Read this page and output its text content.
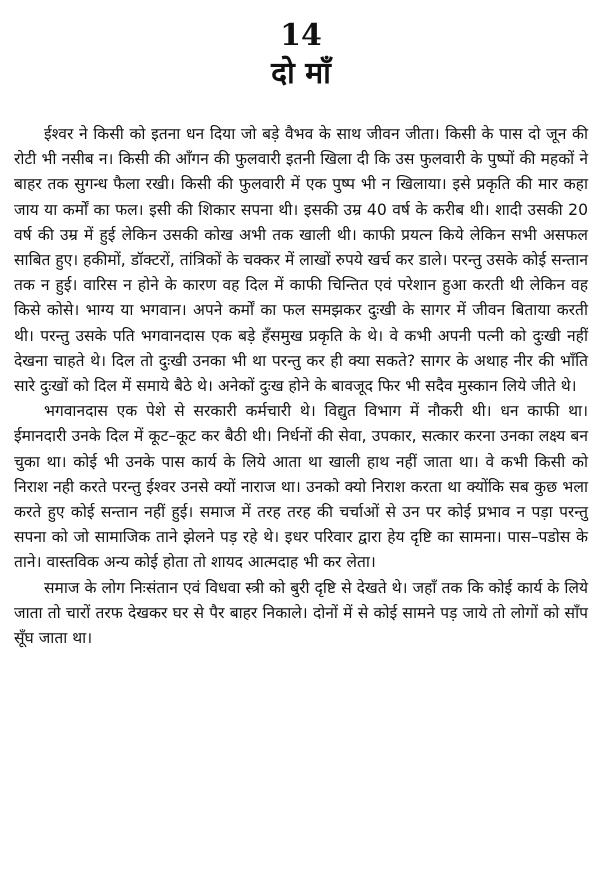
14
दो माँ

ईश्वर ने किसी को इतना धन दिया जो बड़े वैभव के साथ जीवन जीता। किसी के पास दो जून की रोटी भी नसीब न। किसी की आँगन की फुलवारी इतनी खिला दी कि उस फुलवारी के पुष्पों की महकों ने बाहर तक सुगन्ध फैला रखी। किसी की फुलवारी में एक पुष्प भी न खिलाया। इसे प्रकृति की मार कहा जाय या कर्मों का फल। इसी की शिकार सपना थी। इसकी उम्र 40 वर्ष के करीब थी। शादी उसकी 20 वर्ष की उम्र में हुई लेकिन उसकी कोख अभी तक खाली थी। काफी प्रयत्न किये लेकिन सभी असफल साबित हुए। हकीमों, डॉक्टरों, तांत्रिकों के चक्कर में लाखों रुपये खर्च कर डाले। परन्तु उसके कोई सन्तान तक न हुई। वारिस न होने के कारण वह दिल में काफी चिन्तित एवं परेशान हुआ करती थी लेकिन वह किसे कोसे। भाग्य या भगवान। अपने कर्मों का फल समझकर दुःखी के सागर में जीवन बिताया करती थी। परन्तु उसके पति भगवानदास एक बड़े हँसमुख प्रकृति के थे। वे कभी अपनी पत्नी को दुःखी नहीं देखना चाहते थे। दिल तो दुःखी उनका भी था परन्तु कर ही क्या सकते? सागर के अथाह नीर की भाँति सारे दुःखों को दिल में समाये बैठे थे। अनेकों दुःख होने के बावजूद फिर भी सदैव मुस्कान लिये जीते थे।

भगवानदास एक पेशे से सरकारी कर्मचारी थे। विद्युत विभाग में नौकरी थी। धन काफी था। ईमानदारी उनके दिल में कूट–कूट कर बैठी थी। निर्धनों की सेवा, उपकार, सत्कार करना उनका लक्ष्य बन चुका था। कोई भी उनके पास कार्य के लिये आता था खाली हाथ नहीं जाता था। वे कभी किसी को निराश नही करते परन्तु ईश्वर उनसे क्यों नाराज था। उनको क्यो निराश करता था क्योंकि सब कुछ भला करते हुए कोई सन्तान नहीं हुई। समाज में तरह तरह की चर्चाओं से उन पर कोई प्रभाव न पड़ा परन्तु सपना को जो सामाजिक ताने झेलने पड़ रहे थे। इधर परिवार द्वारा हेय दृष्टि का सामना। पास–पडोस के ताने। वास्तविक अन्य कोई होता तो शायद आत्मदाह भी कर लेता।

समाज के लोग निःसंतान एवं विधवा स्त्री को बुरी दृष्टि से देखते थे। जहाँ तक कि कोई कार्य के लिये जाता तो चारों तरफ देखकर घर से पैर बाहर निकाले। दोनों में से कोई सामने पड़ जाये तो लोगों को साँप सूँघ जाता था।
